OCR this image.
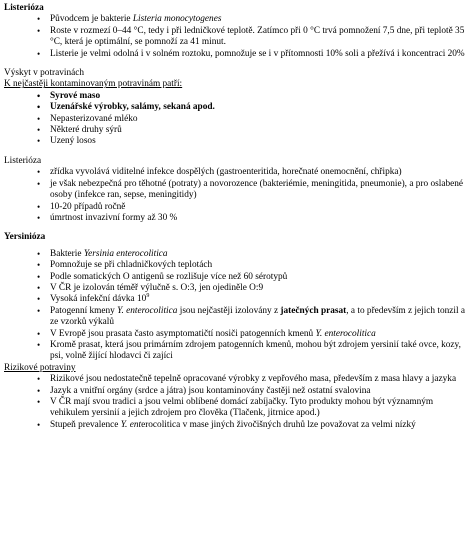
Listerióza

• Původcem je bakterie Listeria monocytogenes
• Roste v rozmezí 0–44 °C, tedy i při ledničkové teplotě. Zatímco při 0 °C trvá pomnožení 7,5 dne, při teplotě 35 °C, která je optimální, se pomnoží za 41 minut.
• Listerie je velmi odolná i v solném roztoku, pomnožuje se i v přítomnosti 10% soli a přežívá i koncentraci 20%

Výskyt v potravinách

K nejčastěji kontaminovaným potravinám patří:

• Syrové maso
• Uzenářské výrobky, salámy, sekaná apod.
• Nepasterizované mléko
• Některé druhy sýrů
• Uzený losos

Listerióza

• zřídka vyvolává viditelné infekce dospělých (gastroenteritida, horečnaté onemocnění, chřipka)
• je však nebezpečná pro těhotné (potraty) a novorozence (bakteriémie, meningitida, pneumonie), a pro oslabené osoby (infekce ran, sepse, meningitidy)
• 10-20 případů ročně
• úmrtnost invazivní formy až 30 %

Yersinióza

• Bakterie Yersinia enterocolitica
• Pomnožuje se při chladničkových teplotách
• Podle somatických O antigenů se rozlišuje více než 60 sérotypů
• V ČR je izolován téměř výlučně s. O:3, jen ojediněle O:9
• Vysoká infekční dávka $10^9$
• Patogenní kmeny Y. enterocolitica jsou nejčastěji izolovány z jatečných prasat, a to především z jejich tonzil a ze vzorků výkalů
• V Evropě jsou prasata často asymptomatičtí nosiči patogenních kmenů Y. enterocolitica
• Kromě prasat, která jsou primárním zdrojem patogenních kmenů, mohou být zdrojem yersinií také ovce, kozy, psi, volně žijící hlodavci či zajíci

Rizikové potraviny

• Rizikové jsou nedostatečně tepelně opracované výrobky z vepřového masa, především z masa hlavy a jazyka
• Jazyk a vnitřní orgány (srdce a játra) jsou kontaminovány častěji než ostatní svalovina
• V ČR mají svou tradici a jsou velmi oblíbené domácí zabíjačky. Tyto produkty mohou být významným vehikulem yersinií a jejich zdrojem pro člověka (Tlačenk, jitrnice apod.)
• Stupeň prevalence Y. enterocolitica v mase jiných živočišných druhů lze považovat za velmi nízký
